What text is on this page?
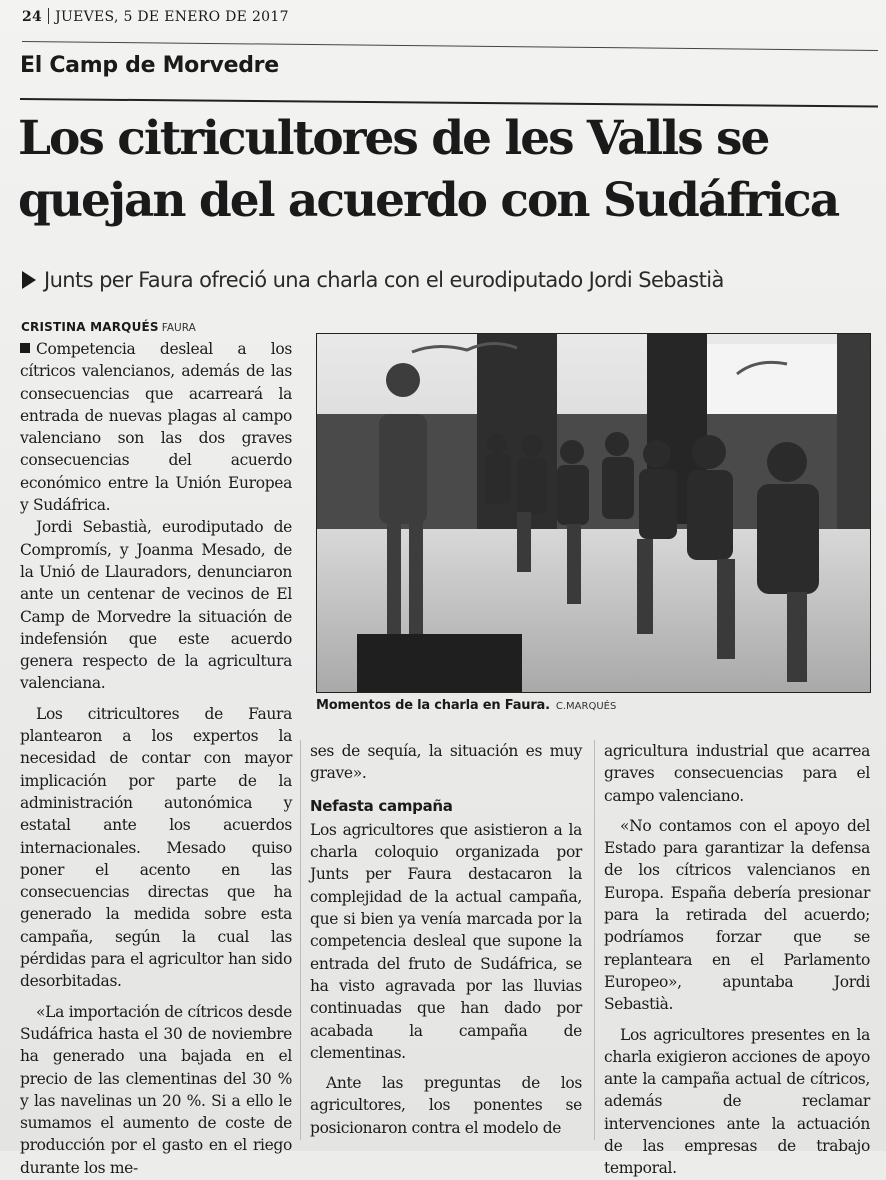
24 JUEVES, 5 DE ENERO DE 2017
El Camp de Morvedre
Los citricultores de les Valls se
quejan del acuerdo con Sudáfrica
Junts per Faura ofreció una charla con el eurodiputado Jordi Sebastià
CRISTINA MARQUÉS FAURA

Competencia desleal a los cítricos valencianos, además de las consecuencias que acarreará la entrada de nuevas plagas al campo valenciano son las dos graves consecuencias del acuerdo económico entre la Unión Europea y Sudáfrica.

Jordi Sebastià, eurodiputado de Compromís, y Joanma Mesado, de la Unió de Llauradors, denunciaron ante un centenar de vecinos de El Camp de Morvedre la situación de indefensión que este acuerdo genera respecto de la agricultura valenciana.

Los citricultores de Faura plantearon a los expertos la necesidad de contar con mayor implicación por parte de la administración autonómica y estatal ante los acuerdos internacionales. Mesado quiso poner el acento en las consecuencias directas que ha generado la medida sobre esta campaña, según la cual las pérdidas para el agricultor han sido desorbitadas.

«La importación de cítricos desde Sudáfrica hasta el 30 de noviembre ha generado una bajada en el precio de las clementinas del 30 % y las navelinas un 20 %. Si a ello le sumamos el aumento de coste de producción por el gasto en el riego durante los me-

Momentos de la charla en Faura. C.MARQUÉS

ses de sequía, la situación es muy grave».

Nefasta campaña

Los agricultores que asistieron a la charla coloquio organizada por Junts per Faura destacaron la complejidad de la actual campaña, que si bien ya venía marcada por la competencia desleal que supone la entrada del fruto de Sudáfrica, se ha visto agravada por las lluvias continuadas que han dado por acabada la campaña de clementinas.

Ante las preguntas de los agricultores, los ponentes se posicionaron contra el modelo de

agricultura industrial que acarrea graves consecuencias para el campo valenciano.

«No contamos con el apoyo del Estado para garantizar la defensa de los cítricos valencianos en Europa. España debería presionar para la retirada del acuerdo; podríamos forzar que se replanteara en el Parlamento Europeo», apuntaba Jordi Sebastià.

Los agricultores presentes en la charla exigieron acciones de apoyo ante la campaña actual de cítricos, además de reclamar intervenciones ante la actuación de las empresas de trabajo temporal.
